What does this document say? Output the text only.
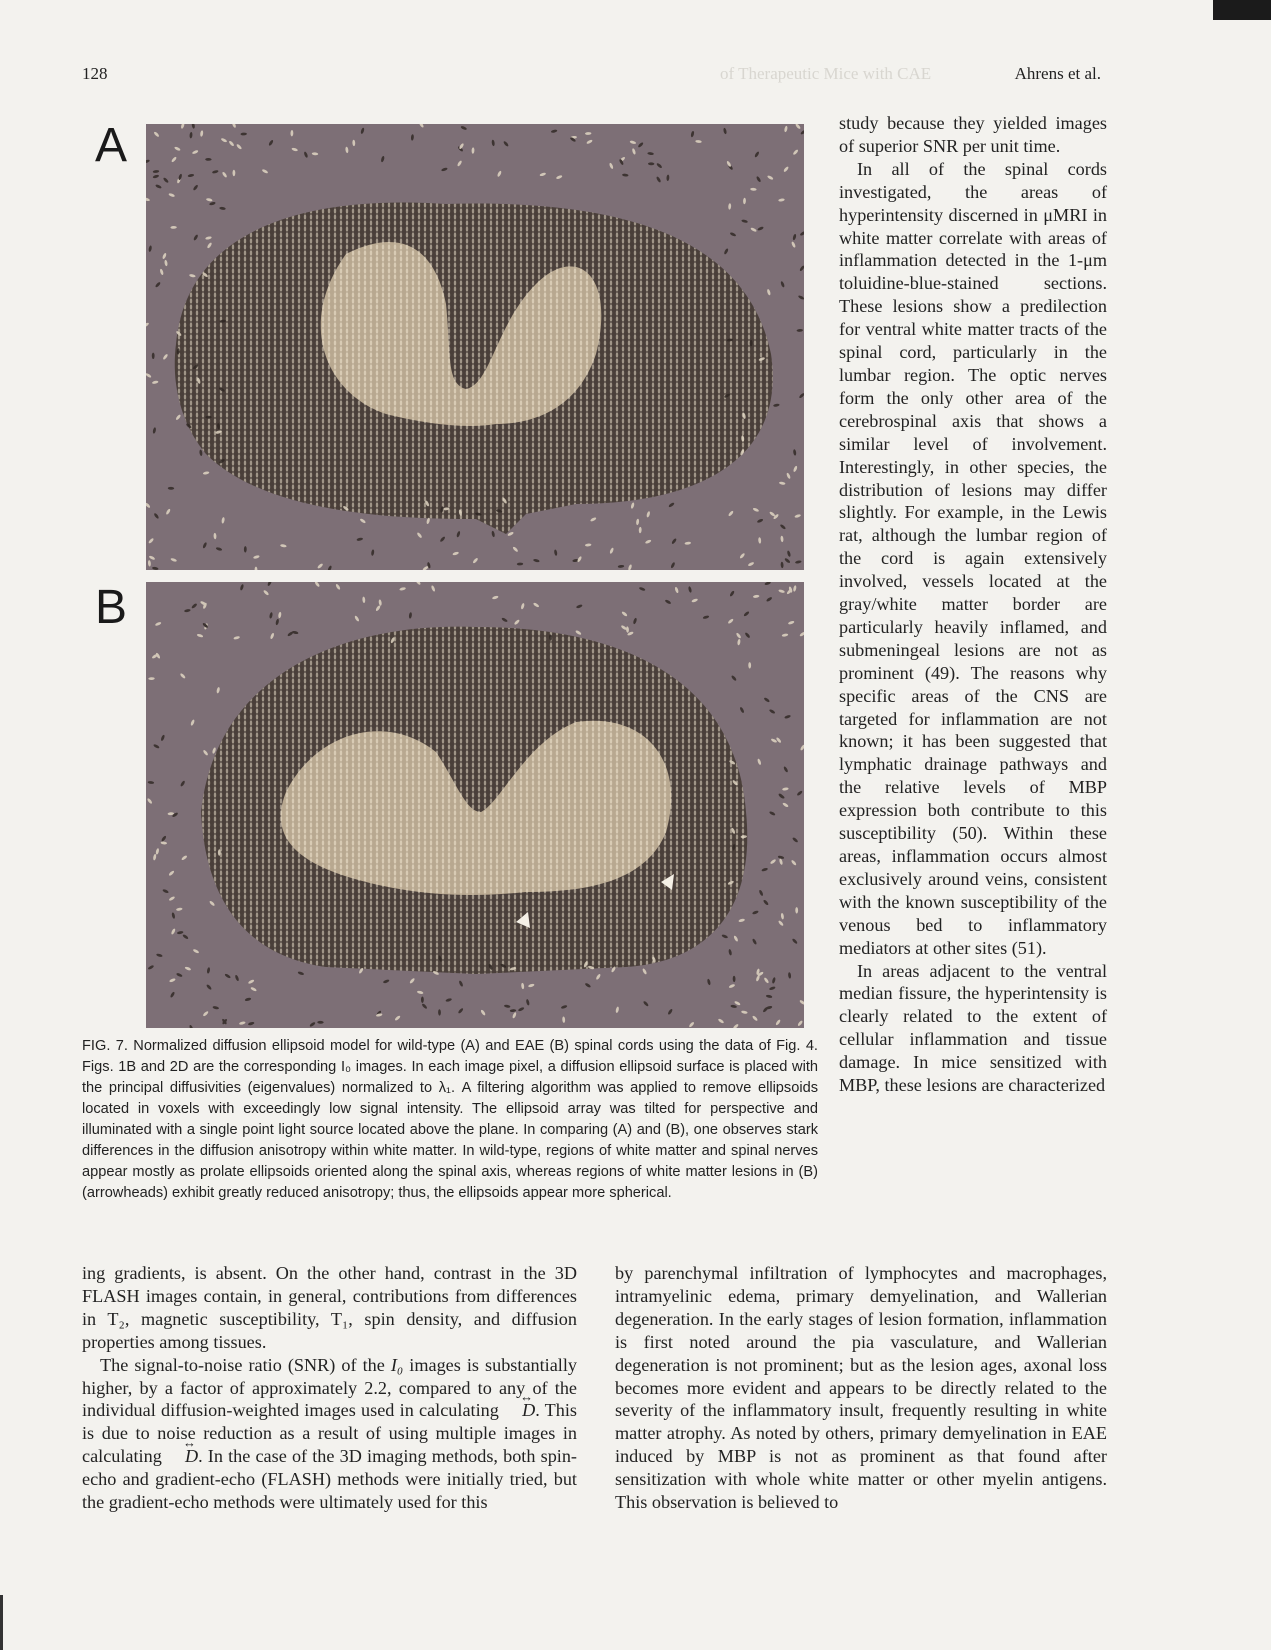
128	of Therapeutic Mice with CAE	Ahrens et al.
A
B
FIG. 7. Normalized diffusion ellipsoid model for wild-type (A) and EAE (B) spinal cords using the data of Fig. 4. Figs. 1B and 2D are the corresponding I₀ images. In each image pixel, a diffusion ellipsoid surface is placed with the principal diffusivities (eigenvalues) normalized to λ₁. A filtering algorithm was applied to remove ellipsoids located in voxels with exceedingly low signal intensity. The ellipsoid array was tilted for perspective and illuminated with a single point light source located above the plane. In comparing (A) and (B), one observes stark differences in the diffusion anisotropy within white matter. In wild-type, regions of white matter and spinal nerves appear mostly as prolate ellipsoids oriented along the spinal axis, whereas regions of white matter lesions in (B) (arrowheads) exhibit greatly reduced anisotropy; thus, the ellipsoids appear more spherical.

study because they yielded images of superior SNR per unit time.

In all of the spinal cords investigated, the areas of hyperintensity discerned in μMRI in white matter correlate with areas of inflammation detected in the 1-μm toluidine-blue-stained sections. These lesions show a predilection for ventral white matter tracts of the spinal cord, particularly in the lumbar region. The optic nerves form the only other area of the cerebrospinal axis that shows a similar level of involvement. Interestingly, in other species, the distribution of lesions may differ slightly. For example, in the Lewis rat, although the lumbar region of the cord is again extensively involved, vessels located at the gray/white matter border are particularly heavily inflamed, and submeningeal lesions are not as prominent (49). The reasons why specific areas of the CNS are targeted for inflammation are not known; it has been suggested that lymphatic drainage pathways and the relative levels of MBP expression both contribute to this susceptibility (50). Within these areas, inflammation occurs almost exclusively around veins, consistent with the known susceptibility of the venous bed to inflammatory mediators at other sites (51).

In areas adjacent to the ventral median fissure, the hyperintensity is clearly related to the extent of cellular inflammation and tissue damage. In mice sensitized with MBP, these lesions are characterized

ing gradients, is absent. On the other hand, contrast in the 3D FLASH images contain, in general, contributions from differences in T₂, magnetic susceptibility, T₁, spin density, and diffusion properties among tissues.

The signal-to-noise ratio (SNR) of the I₀ images is substantially higher, by a factor of approximately 2.2, compared to any of the individual diffusion-weighted images used in calculating ↔ D. This is due to noise reduction as a result of using multiple images in calculating ↔ D. In the case of the 3D imaging methods, both spin-echo and gradient-echo (FLASH) methods were initially tried, but the gradient-echo methods were ultimately used for this

by parenchymal infiltration of lymphocytes and macrophages, intramyelinic edema, primary demyelination, and Wallerian degeneration. In the early stages of lesion formation, inflammation is first noted around the pia vasculature, and Wallerian degeneration is not prominent; but as the lesion ages, axonal loss becomes more evident and appears to be directly related to the severity of the inflammatory insult, frequently resulting in white matter atrophy. As noted by others, primary demyelination in EAE induced by MBP is not as prominent as that found after sensitization with whole white matter or other myelin antigens. This observation is believed to
